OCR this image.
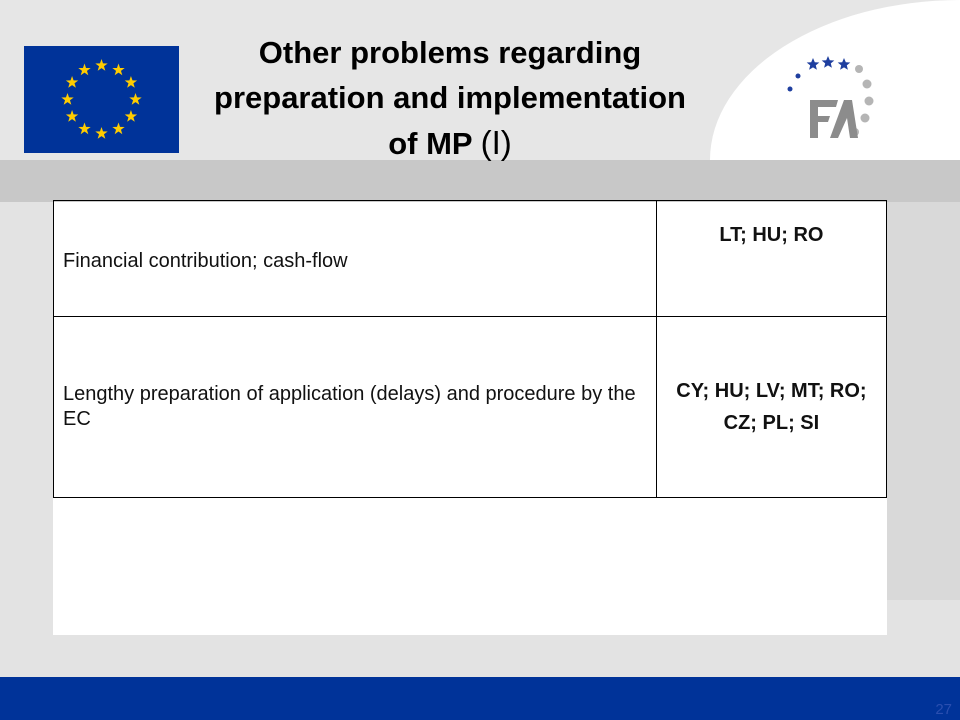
Other problems regarding preparation and implementation of MP (I)
Financial contribution; cash-flow	LT; HU; RO
Lengthy preparation of application (delays) and procedure by the EC	CY; HU; LV; MT; RO; CZ; PL; SI
27
